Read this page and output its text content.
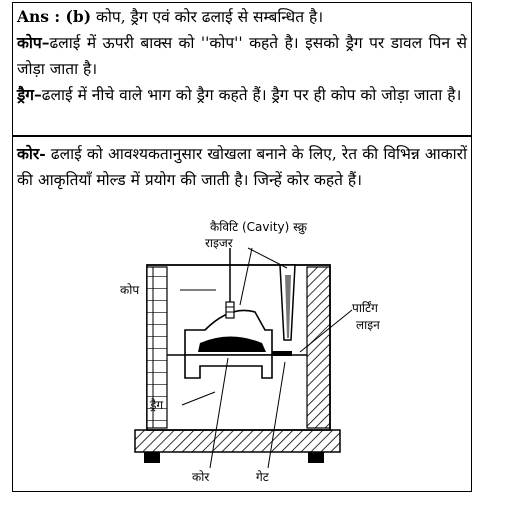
Ans : (b) कोप, ड्रैग एवं कोर ढलाई से सम्बन्धित है।
कोप–ढलाई में ऊपरी बाक्स को ''कोप'' कहते है। इसको ड्रैग पर डावल पिन से जोड़ा जाता है।
ड्रैग–ढलाई में नीचे वाले भाग को ड्रैग कहते हैं। ड्रैग पर ही कोप को जोड़ा जाता है।
कोर- ढलाई को आवश्यकतानुसार खोखला बनाने के लिए, रेत की विभिन्न आकारों की आकृतियाँ मोल्ड में प्रयोग की जाती है। जिन्हें कोर कहते हैं।
कैविटि (Cavity) स्क्रु
राइजर
कोप
पार्टिंग
लाइन
ड्रैग
कोर	गेट
